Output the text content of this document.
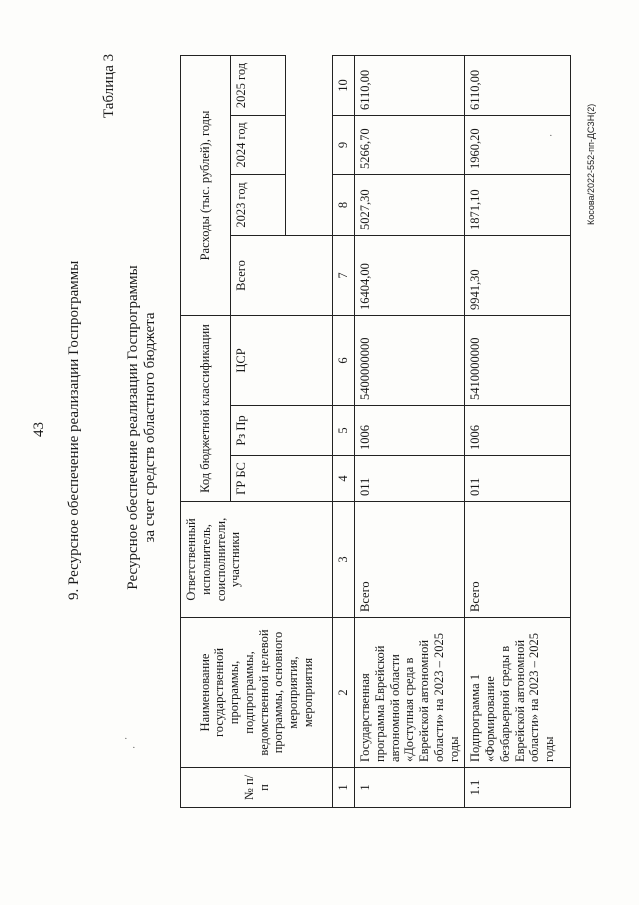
43 9. Ресурсное обеспечение реализации Госпрограммы
Таблица 3
Ресурсное обеспечение реализации Госпрограммы за счет средств областного бюджета
Косова/2022-552-пп-ДСЗН(2)
·
·
·
№ п/п	Наименование государственной программы, подпрограммы, ведомственной целевой программы, основного мероприятия, мероприятия	Ответственный исполнитель, соисполнители, участники	Код бюджетной классификации			Расходы (тыс. рублей), годы			
			ГР БС	Рз Пр	ЦСР	Всего	2023 год	2024 год	2025 год

1	2	3	4	5	6	7	8	9	10
1	Государственная программа Еврейской автономной области «Доступная среда в Еврейской автономной области» на 2023 – 2025 годы	Всего	011	1006	5400000000	16404,00	5027,30	5266,70	6110,00
1.1	Подпрограмма 1 «Формирование безбарьерной среды в Еврейской автономной области» на 2023 – 2025 годы	Всего	011	1006	5410000000	9941,30	1871,10	1960,20	6110,00
